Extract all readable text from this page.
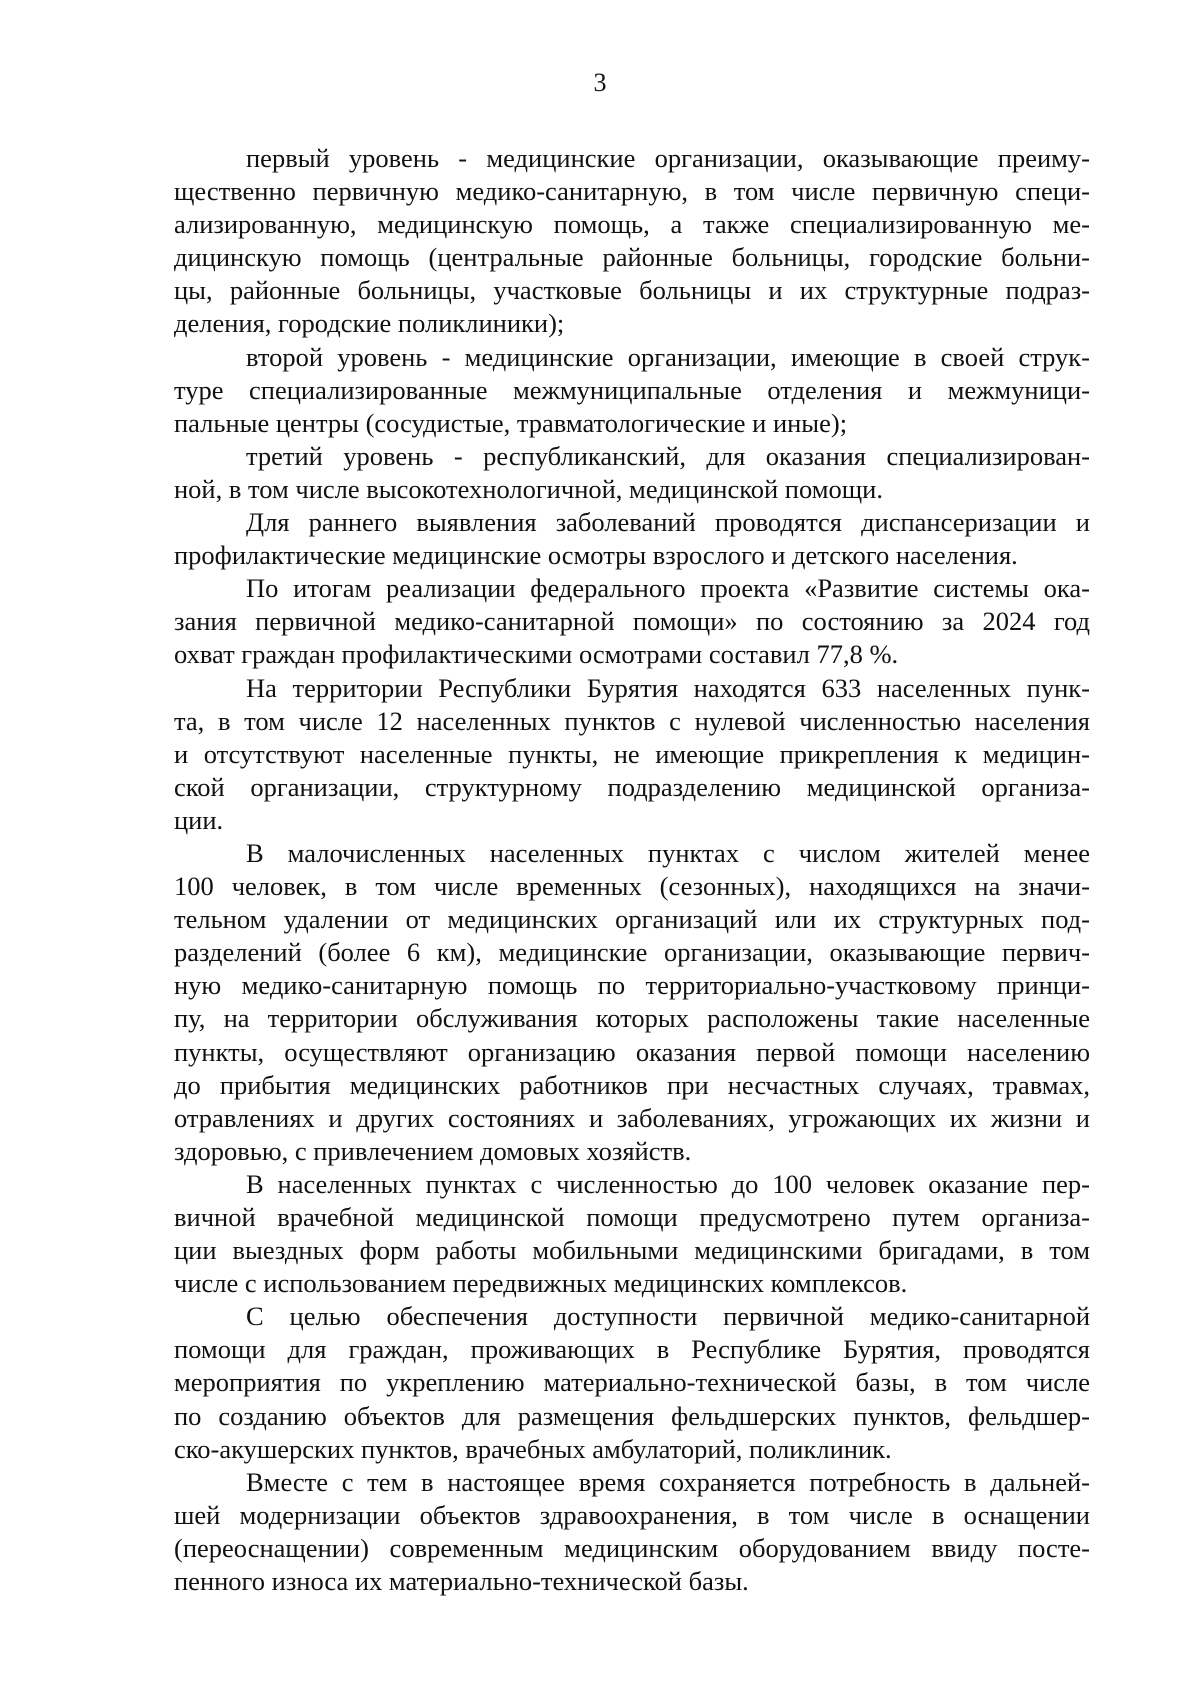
3

первый уровень - медицинские организации, оказывающие преиму-
щественно первичную медико-санитарную, в том числе первичную специ-
ализированную, медицинскую помощь, а также специализированную ме-
дицинскую помощь (центральные районные больницы, городские больни-
цы, районные больницы, участковые больницы и их структурные подраз-
деления, городские поликлиники);

второй уровень - медицинские организации, имеющие в своей струк-
туре специализированные межмуниципальные отделения и межмуници-
пальные центры (сосудистые, травматологические и иные);

третий уровень - республиканский, для оказания специализирован-
ной, в том числе высокотехнологичной, медицинской помощи.

Для раннего выявления заболеваний проводятся диспансеризации и
профилактические медицинские осмотры взрослого и детского населения.

По итогам реализации федерального проекта «Развитие системы ока-
зания первичной медико-санитарной помощи» по состоянию за 2024 год
охват граждан профилактическими осмотрами составил 77,8 %.

На территории Республики Бурятия находятся 633 населенных пунк-
та, в том числе 12 населенных пунктов с нулевой численностью населения
и отсутствуют населенные пункты, не имеющие прикрепления к медицин-
ской организации, структурному подразделению медицинской организа-
ции.

В малочисленных населенных пунктах с числом жителей менее
100 человек, в том числе временных (сезонных), находящихся на значи-
тельном удалении от медицинских организаций или их структурных под-
разделений (более 6 км), медицинские организации, оказывающие первич-
ную медико-санитарную помощь по территориально-участковому принци-
пу, на территории обслуживания которых расположены такие населенные
пункты, осуществляют организацию оказания первой помощи населению
до прибытия медицинских работников при несчастных случаях, травмах,
отравлениях и других состояниях и заболеваниях, угрожающих их жизни и
здоровью, с привлечением домовых хозяйств.

В населенных пунктах с численностью до 100 человек оказание пер-
вичной врачебной медицинской помощи предусмотрено путем организа-
ции выездных форм работы мобильными медицинскими бригадами, в том
числе с использованием передвижных медицинских комплексов.

С целью обеспечения доступности первичной медико-санитарной
помощи для граждан, проживающих в Республике Бурятия, проводятся
мероприятия по укреплению материально-технической базы, в том числе
по созданию объектов для размещения фельдшерских пунктов, фельдшер-
ско-акушерских пунктов, врачебных амбулаторий, поликлиник.

Вместе с тем в настоящее время сохраняется потребность в дальней-
шей модернизации объектов здравоохранения, в том числе в оснащении
(переоснащении) современным медицинским оборудованием ввиду посте-
пенного износа их материально-технической базы.
